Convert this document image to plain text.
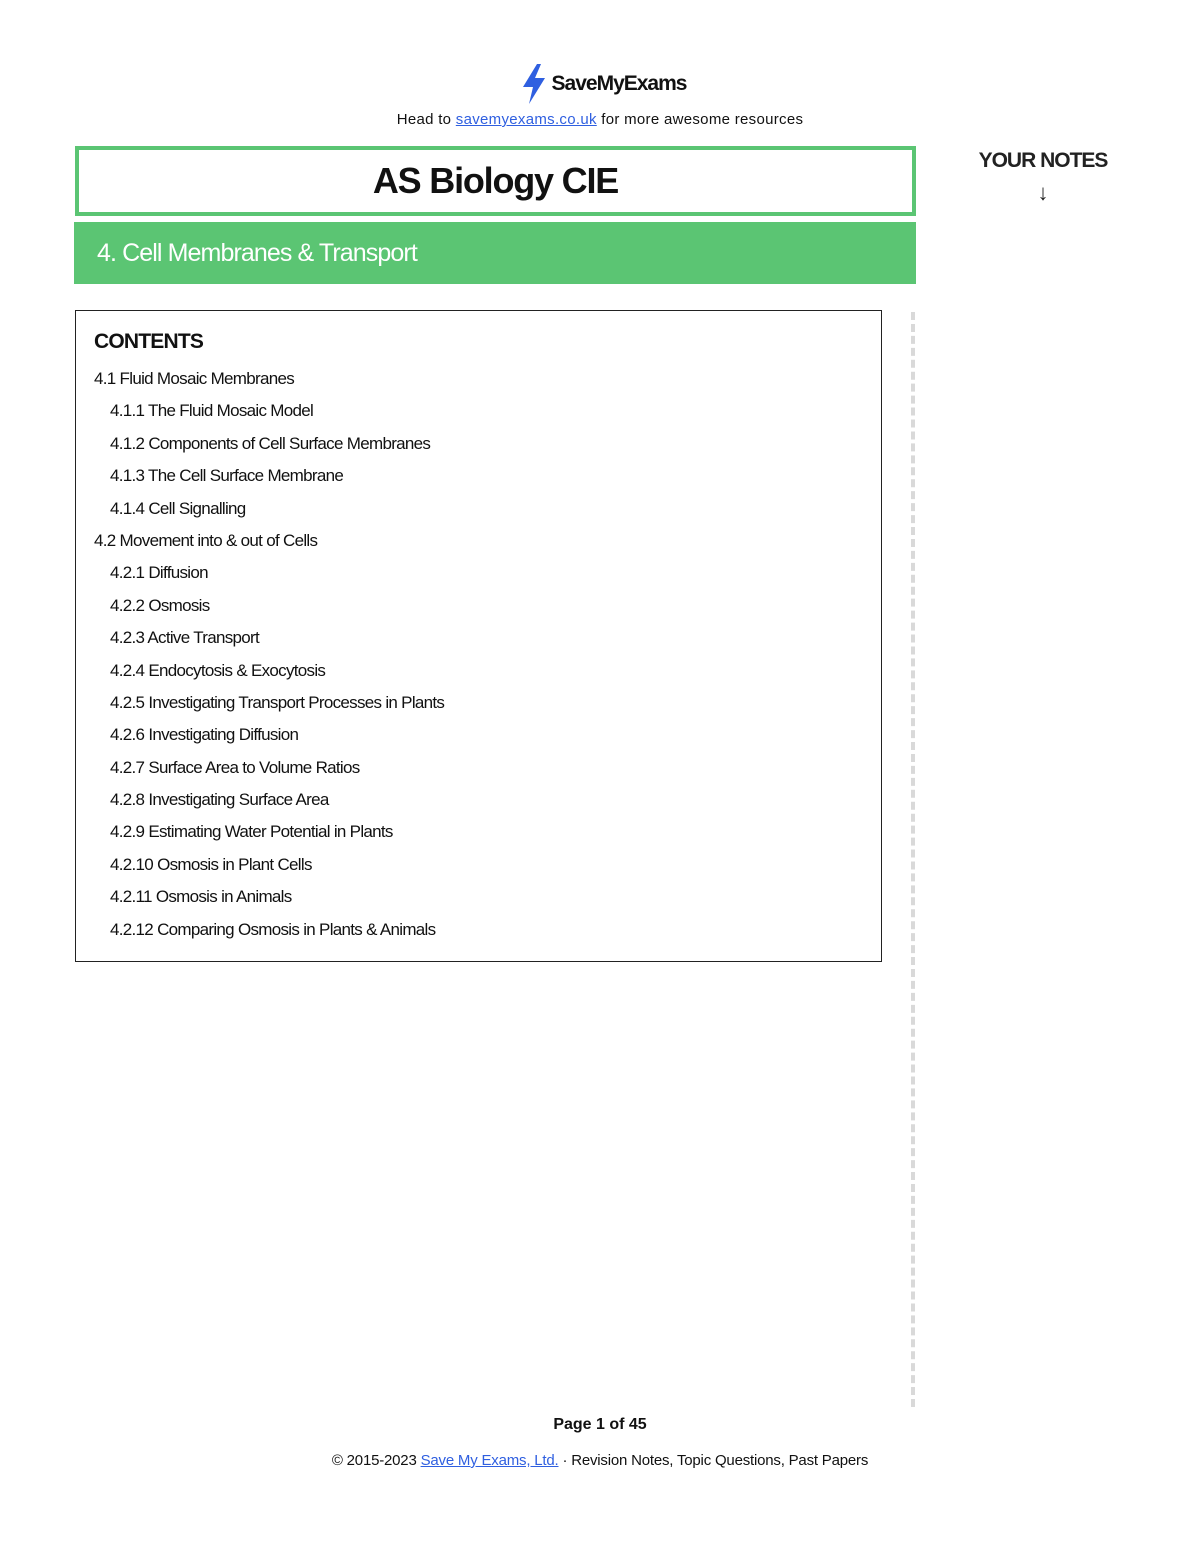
SaveMyExams
Head to savemyexams.co.uk for more awesome resources
AS Biology CIE
4. Cell Membranes & Transport
YOUR NOTES
↓
CONTENTS
4.1 Fluid Mosaic Membranes
4.1.1 The Fluid Mosaic Model
4.1.2 Components of Cell Surface Membranes
4.1.3 The Cell Surface Membrane
4.1.4 Cell Signalling
4.2 Movement into & out of Cells
4.2.1 Diffusion
4.2.2 Osmosis
4.2.3 Active Transport
4.2.4 Endocytosis & Exocytosis
4.2.5 Investigating Transport Processes in Plants
4.2.6 Investigating Diffusion
4.2.7 Surface Area to Volume Ratios
4.2.8 Investigating Surface Area
4.2.9 Estimating Water Potential in Plants
4.2.10 Osmosis in Plant Cells
4.2.11 Osmosis in Animals
4.2.12 Comparing Osmosis in Plants & Animals
Page 1 of 45
© 2015-2023 Save My Exams, Ltd. · Revision Notes, Topic Questions, Past Papers
